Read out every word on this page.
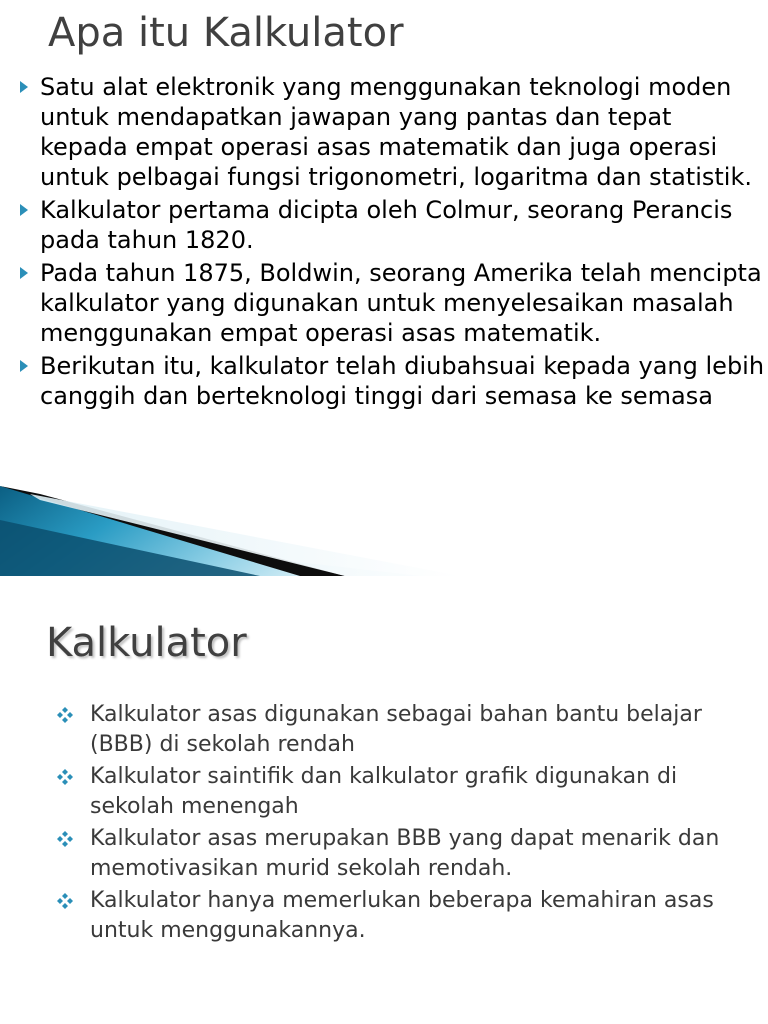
Apa itu Kalkulator
Satu alat elektronik yang menggunakan teknologi moden untuk mendapatkan jawapan yang pantas dan tepat kepada empat operasi asas matematik dan juga operasi untuk pelbagai fungsi trigonometri, logaritma dan statistik.
Kalkulator pertama dicipta oleh Colmur, seorang Perancis pada tahun 1820.
Pada tahun 1875, Boldwin, seorang Amerika telah mencipta kalkulator yang digunakan untuk menyelesaikan masalah menggunakan empat operasi asas matematik.
Berikutan itu, kalkulator telah diubahsuai kepada yang lebih canggih dan berteknologi tinggi dari semasa ke semasa
Kalkulator
Kalkulator asas digunakan sebagai bahan bantu belajar (BBB) di sekolah rendah
Kalkulator saintifik dan kalkulator grafik digunakan di sekolah menengah
Kalkulator asas merupakan BBB yang dapat menarik dan memotivasikan murid sekolah rendah.
Kalkulator hanya memerlukan beberapa kemahiran asas untuk menggunakannya.
